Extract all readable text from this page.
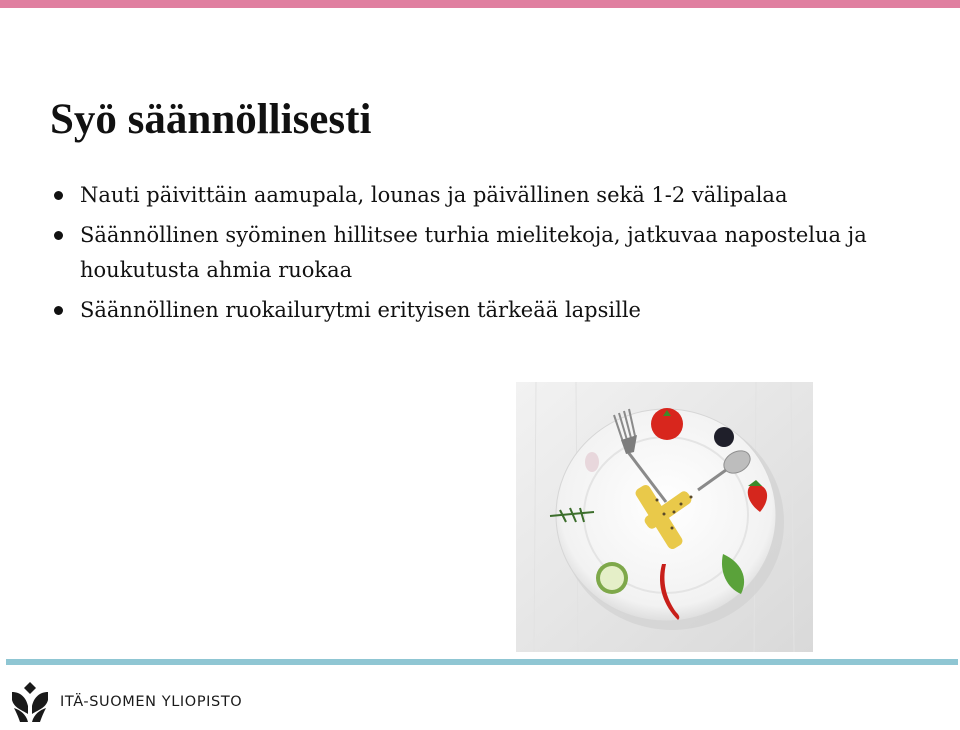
Syö säännöllisesti
Nauti päivittäin aamupala, lounas ja päivällinen sekä 1-2 välipalaa
Säännöllinen syöminen hillitsee turhia mielitekoja, jatkuvaa napostelua ja houkutusta ahmia ruokaa
Säännöllinen ruokailurytmi erityisen tärkeää lapsille
ITÄ-SUOMEN YLIOPISTO
